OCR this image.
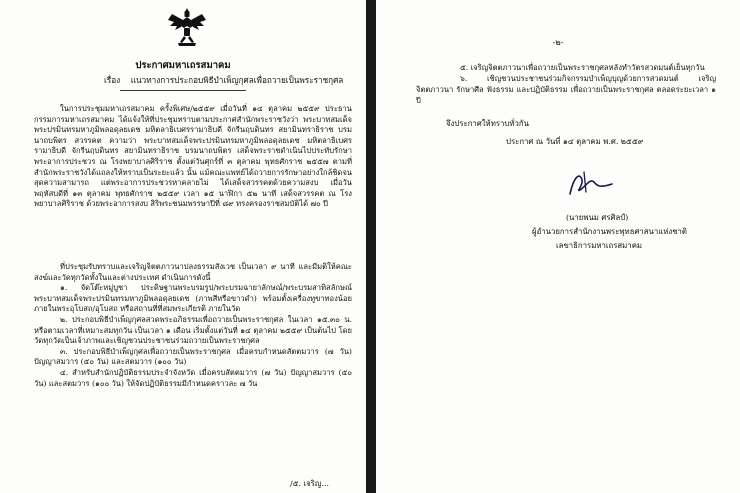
ประกาศมหาเถรสมาคม
เรื่อง แนวทางการประกอบพิธีบำเพ็ญกุศลเพื่อถวายเป็นพระราชกุศล
ในการประชุมมหาเถรสมาคม ครั้งพิเศษ/๒๕๕๙ เมื่อวันที่ ๑๔ ตุลาคม ๒๕๕๙ ประธานกรรมการมหาเถรสมาคม ได้แจ้งให้ที่ประชุมทราบตามประกาศสำนักพระราชวังว่า พระบาทสมเด็จพระปรมินทรมหาภูมิพลอดุลยเดช มหิตลาธิเบศรรามาธิบดี จักรีนฤบดินทร สยามินทราธิราช บรมนาถบพิตร สวรรคต ความว่า พระบาทสมเด็จพระปรมินทรมหาภูมิพลอดุลยเดช มหิตลาธิเบศรรามาธิบดี จักรีนฤบดินทร สยามินทราธิราช บรมนาถบพิตร เสด็จพระราชดำเนินไปประทับรักษาพระอาการประชวร ณ โรงพยาบาลศิริราช ตั้งแต่วันศุกร์ที่ ๓ ตุลาคม พุทธศักราช ๒๕๕๗ ตามที่สำนักพระราชวังได้แถลงให้ทราบเป็นระยะแล้ว นั้น แม้คณะแพทย์ได้ถวายการรักษาอย่างใกล้ชิดจนสุดความสามารถ แต่พระอาการประชวรหาคลายไม่ ได้เสด็จสวรรคตด้วยความสงบ เมื่อวันพฤหัสบดีที่ ๑๓ ตุลาคม พุทธศักราช ๒๕๕๙ เวลา ๑๕ นาฬิกา ๕๒ นาที เสด็จสวรรคต ณ โรงพยาบาลศิริราช ด้วยพระอาการสงบ สิริพระชนมพรรษาปีที่ ๘๙ ทรงครองราชสมบัติได้ ๗๐ ปี

ที่ประชุมรับทราบและเจริญจิตตภาวนาปลงธรรมสังเวช เป็นเวลา ๙ นาที และมีมติให้คณะสงฆ์และวัดทุกวัดทั้งในและต่างประเทศ ดำเนินการดังนี้

๑. จัดโต๊ะหมู่บูชา ประดิษฐานพระบรมรูป/พระบรมฉายาลักษณ์/พระบรมสาทิสลักษณ์พระบาทสมเด็จพระปรมินทรมหาภูมิพลอดุลยเดช (ภาพสีหรือขาวดำ) พร้อมตั้งเครื่องทูขาทองน้อย ภายในพระอุโบสถ/อุโบสถ หรือสถานที่ที่สมพระเกียรติ ภายในวัด

๒. ประกอบพิธีบำเพ็ญกุศลสวดพระอภิธรรมเพื่อถวายเป็นพระราชกุศล ในเวลา ๑๕.๓๐ น. หรือตามเวลาที่เหมาะสมทุกวัน เป็นเวลา ๑ เดือน เริ่มตั้งแต่วันที่ ๑๔ ตุลาคม ๒๕๕๙ เป็นต้นไป โดยวัดทุกวัดเป็นเจ้าภาพและเชิญชวนประชาชนร่วมถวายเป็นพระราชกุศล

๓. ประกอบพิธีบำเพ็ญกุศลเพื่อถวายเป็นพระราชกุศล เมื่อครบกำหนดสัตตมวาร (๗ วัน) ปัญญาสมวาร (๕๐ วัน) และสตมวาร (๑๐๐ วัน)

๔. สำหรับสำนักปฏิบัติธรรมประจำจังหวัด เมื่อครบสัตตมวาร (๗ วัน) ปัญญาสมวาร (๕๐ วัน) และสตมวาร (๑๐๐ วัน) ให้จัดปฏิบัติธรรมมีกำหนดคราวละ ๗ วัน

/๕. เจริญ...
-๒-

๕. เจริญจิตตภาวนาเพื่อถวายเป็นพระราชกุศลหลังทำวัตรสวดมนต์เย็นทุกวัน

๖. เชิญชวนประชาชนร่วมกิจกรรมบำเพ็ญบุญด้วยการสวดมนต์ เจริญจิตตภาวนา รักษาศีล ฟังธรรม และปฏิบัติธรรม เพื่อถวายเป็นพระราชกุศล ตลอดระยะเวลา ๑ ปี

จึงประกาศให้ทราบทั่วกัน
ประกาศ ณ วันที่ ๑๔ ตุลาคม พ.ศ. ๒๕๕๙
(นายพนม ศรศิลป์)
ผู้อำนวยการสำนักงานพระพุทธศาสนาแห่งชาติ
เลขาธิการมหาเถรสมาคม
